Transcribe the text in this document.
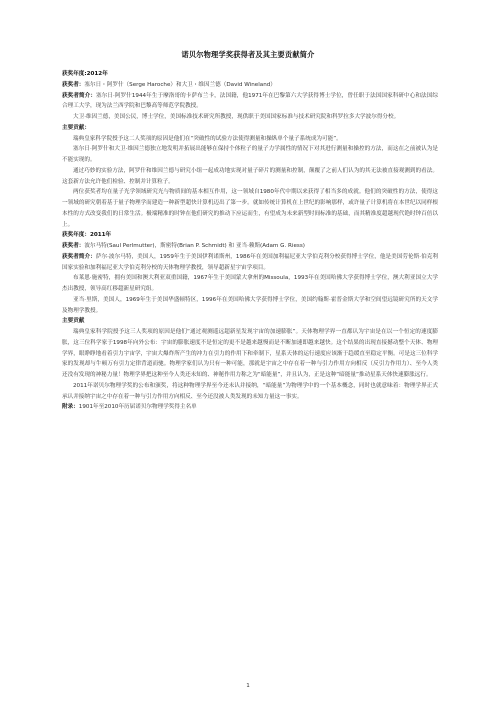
诺贝尔物理学奖获得者及其主要贡献简介

获奖年度:2012年

获奖者：塞尔日・阿罗什（Serge Haroche）和大卫・维因兰德（David Wineland）

获奖者简介：塞尔日·阿罗什1944年生于摩洛哥的卡萨布兰卡，法国籍，他1971年在巴黎第六大学获得博士学位，曾任职于法国国家科研中心和法国综合理工大学，现为法兰西学院和巴黎高等师范学院教授。

大卫·维因兰德，美国公民，博士学位，美国标准技术研究所教授，现供职于美国国家标准与技术研究院和科罗拉多大学波尔得分校。

主要贡献：

瑞典皇家科学院授予这二人奖项的原因是他们在“突破性的试验方法使得测量和操纵单个量子系统成为可能”。

塞尔日·阿罗什和大卫·维因兰德独立地发明并拓展出能够在保持个体粒子的量子力学属性的情况下对其进行测量和操控的方法，而这在之前被认为是不能实现的。

通过巧妙的实验方法，阿罗什和维因兰德与研究小组一起成功地实现对量子碎片的测量和控制，颠覆了之前人们认为的其无法被直接观测到的看法。这套新方法允许他们检验、控制并计算粒子。

两位获奖者均在量子光学领域研究光与物质间的基本相互作用，这一领域自1980年代中期以来获得了相当多的成就。他们的突破性的方法，使得这一领域的研究朝着基于量子物理学而建造一种新型超快计算机迈出了第一步。就如传统计算机在上世纪的影响那样，或许量子计算机将在本世纪以同样根本性的方式改变我们的日常生活。极端精准的时钟在他们研究的推动下应运而生，有望成为未来新型时间标准的基础，而其精准度超越现代铯时钟百倍以上。

获奖年度：2011年

获奖者：波尔马特(Saul Perlmutter)，斯密特(Brian P. Schmidt) 和 亚当·赖斯(Adam G. Riess)

获奖者简介：萨尔·波尔马特，美国人，1959年生于美国伊利诺斯州，1986年在美国加利福尼亚大学伯克利分校获得博士学位，他是美国劳伦斯·伯克利国家实验和加利福尼亚大学伯克利分校的天体物理学教授，领导超新星宇宙学项目。

布莱恩·施密特，拥有美国和澳大利亚双重国籍，1967年生于美国蒙大拿州的Missoula，1993年在美国哈佛大学获得博士学位，澳大利亚国立大学杰出教授，领导高红移超新星研究组。

亚当·里斯，美国人，1969年生于美国华盛顿特区，1996年在美国哈佛大学获得博士学位，美国约翰斯·霍普金斯大学和空间望远镜研究所的天文学及物理学教授。

主要贡献

瑞典皇家科学院授予这三人奖项的原因是他们“通过观测遥远超新星发现宇宙的加速膨胀”。天体物理学界一直都认为宇宙是在以一个恒定的速度膨胀，这三位科学家于1998年向外公布：宇宙的膨胀速度不是恒定的更不是越来越慢而是不断加速即越来越快。这个结果的出现直接撼动整个天体、物理学界，眼睁睁地看着引力宇宙学，宇宙大爆炸所产生的冲力在引力的作用下和牵制下，星系天体的运行速度应该渐于趋缓直至稳定平衡。可是这三位科学家的发现却与牛顿万有引力定律背道而驰。物理学家们认为只有一种可能，那就是宇宙之中存在着一种与引力作用方向相反（反引力作用力）、至今人类还没有发现的神秘力量！物理学界把这种至今人类还未知的、神秘作用力称之为“暗能量”，并且认为，正是这种“暗能量”推动星系天体快速膨胀远行。

2011年诺贝尔物理学奖的公布和颁奖，将这种物理学界至今还未认并接纳，“暗能量”为物理学中的一个基本概念，同时也就意味着：物理学界正式承认并接纳宇宙之中存在着一种与引力作用方向相反、至今还没被人类发现的未知力量这一事实。

附录：1901年至2010年历届诺贝尔物理学奖得主名单

1
